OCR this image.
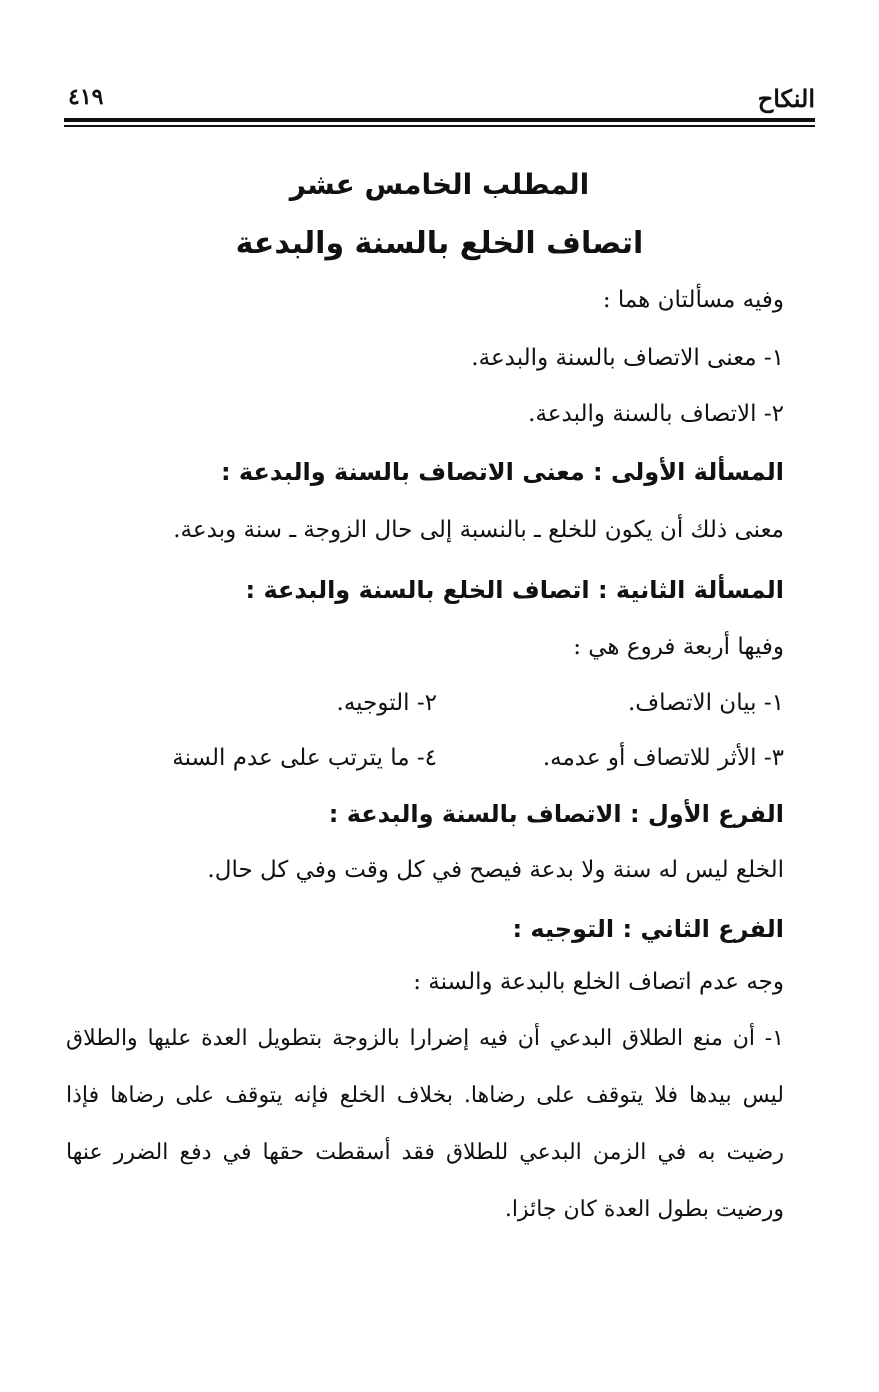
النكاح
٤١٩
المطلب الخامس عشر
اتصاف الخلع بالسنة والبدعة
وفيه مسألتان هما :
١- معنى الاتصاف بالسنة والبدعة.
٢- الاتصاف بالسنة والبدعة.
المسألة الأولى : معنى الاتصاف بالسنة والبدعة :
معنى ذلك أن يكون للخلع ـ بالنسبة إلى حال الزوجة ـ سنة وبدعة.
المسألة الثانية : اتصاف الخلع بالسنة والبدعة :
وفيها أربعة فروع هي :
١- بيان الاتصاف.
٢- التوجيه.
٣- الأثر للاتصاف أو عدمه.
٤- ما يترتب على عدم السنة
الفرع الأول : الاتصاف بالسنة والبدعة :
الخلع ليس له سنة ولا بدعة فيصح في كل وقت وفي كل حال.
الفرع الثاني : التوجيه :
وجه عدم اتصاف الخلع بالبدعة والسنة :
١- أن منع الطلاق البدعي أن فيه إضرارا بالزوجة بتطويل العدة عليها والطلاق ليس بيدها فلا يتوقف على رضاها. بخلاف الخلع فإنه يتوقف على رضاها فإذا رضيت به في الزمن البدعي للطلاق فقد أسقطت حقها في دفع الضرر عنها ورضيت بطول العدة كان جائزا.
